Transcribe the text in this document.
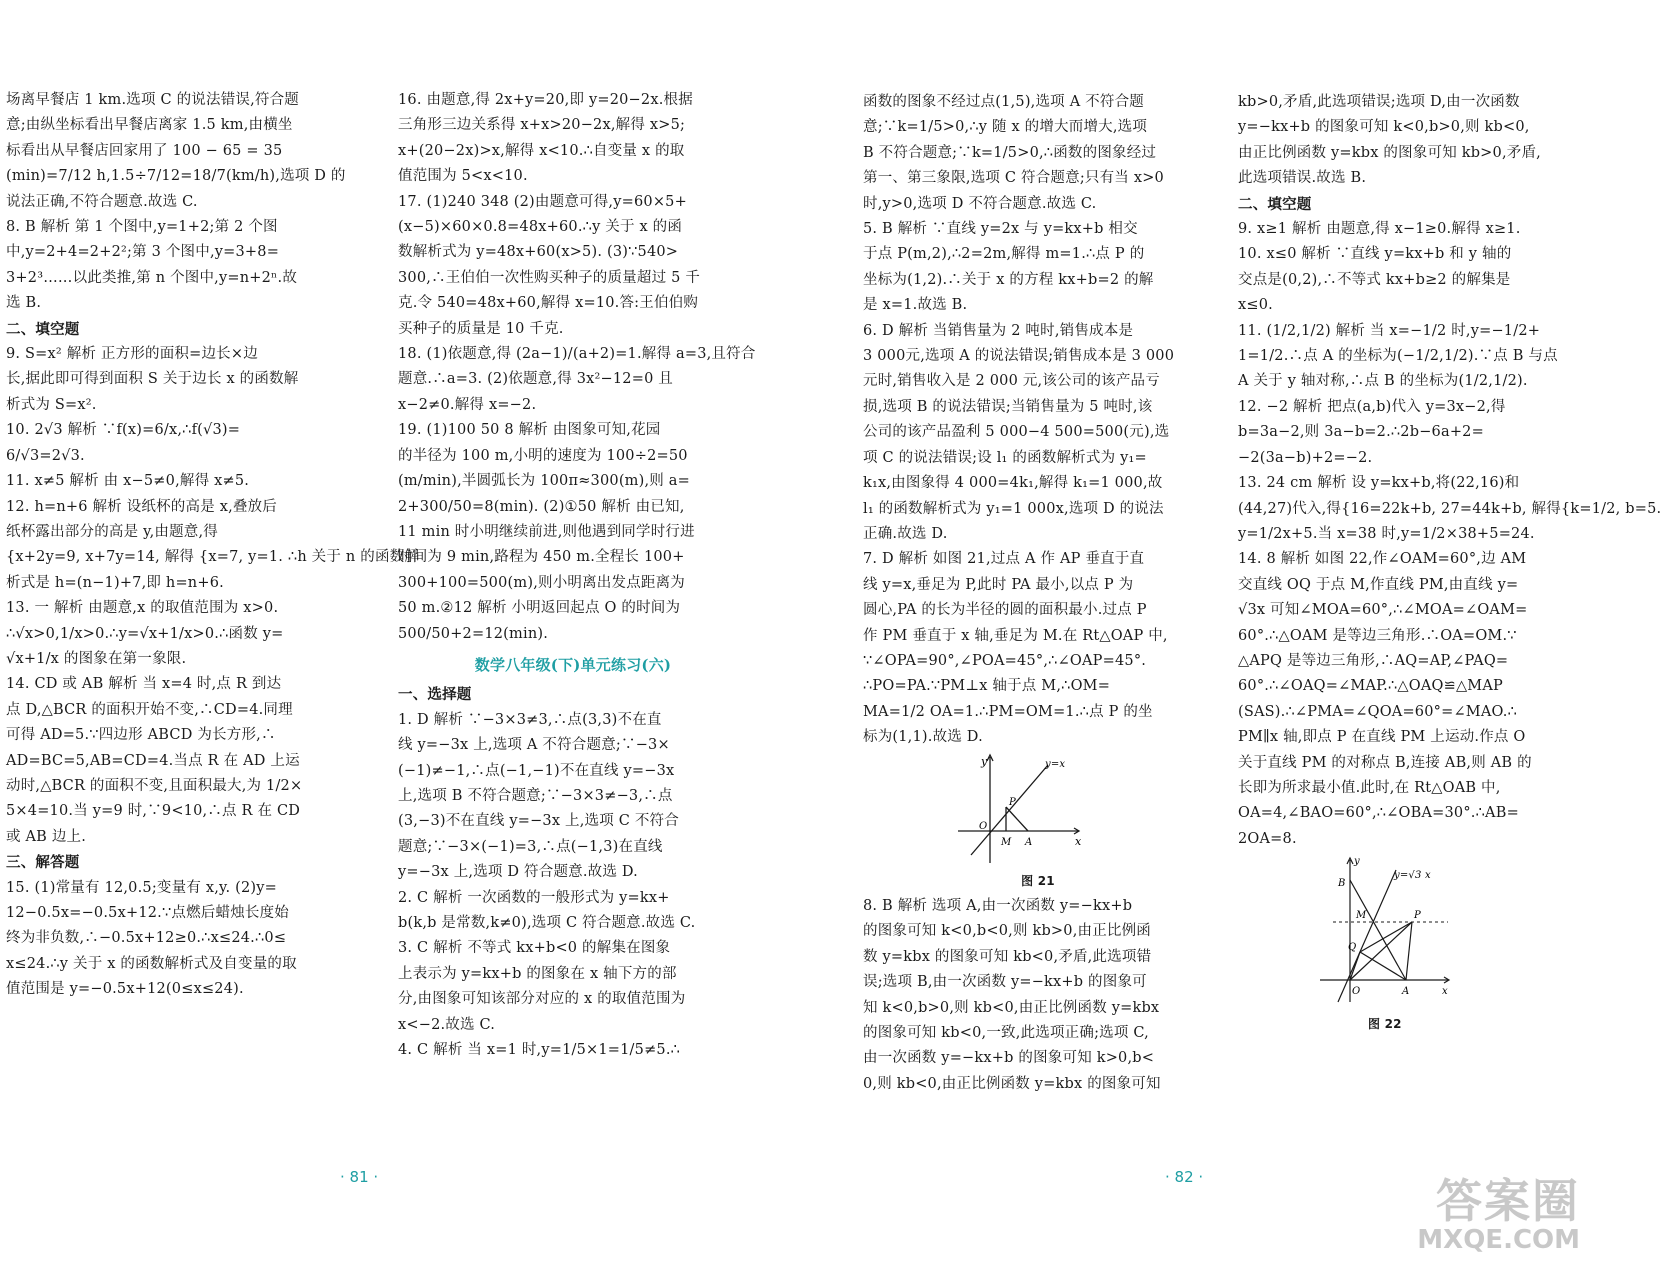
场离早餐店 1 km.选项 C 的说法错误,符合题

意;由纵坐标看出早餐店离家 1.5 km,由横坐

标看出从早餐店回家用了 100 − 65 = 35

(min)=7/12 h,1.5÷7/12=18/7(km/h),选项 D 的

说法正确,不符合题意.故选 C.

8. B 解析 第 1 个图中,y=1+2;第 2 个图

中,y=2+4=2+2²;第 3 个图中,y=3+8=

3+2³……以此类推,第 n 个图中,y=n+2ⁿ.故

选 B.

二、填空题

9. S=x² 解析 正方形的面积=边长×边

长,据此即可得到面积 S 关于边长 x 的函数解

析式为 S=x².

10. 2√3 解析 ∵f(x)=6/x,∴f(√3)=

6/√3=2√3.

11. x≠5 解析 由 x−5≠0,解得 x≠5.

12. h=n+6 解析 设纸杯的高是 x,叠放后

纸杯露出部分的高是 y,由题意,得

{x+2y=9, x+7y=14, 解得 {x=7, y=1. ∴h 关于 n 的函数解

析式是 h=(n−1)+7,即 h=n+6.

13. 一 解析 由题意,x 的取值范围为 x>0.

∴√x>0,1/x>0.∴y=√x+1/x>0.∴函数 y=

√x+1/x 的图象在第一象限.

14. CD 或 AB 解析 当 x=4 时,点 R 到达

点 D,△BCR 的面积开始不变,∴CD=4.同理

可得 AD=5.∵四边形 ABCD 为长方形,∴

AD=BC=5,AB=CD=4.当点 R 在 AD 上运

动时,△BCR 的面积不变,且面积最大,为 1/2×

5×4=10.当 y=9 时,∵9<10,∴点 R 在 CD

或 AB 边上.

三、解答题

15. (1)常量有 12,0.5;变量有 x,y. (2)y=

12−0.5x=−0.5x+12.∵点燃后蜡烛长度始

终为非负数,∴−0.5x+12≥0.∴x≤24.∴0≤

x≤24.∴y 关于 x 的函数解析式及自变量的取

值范围是 y=−0.5x+12(0≤x≤24).

16. 由题意,得 2x+y=20,即 y=20−2x.根据

三角形三边关系得 x+x>20−2x,解得 x>5;

x+(20−2x)>x,解得 x<10.∴自变量 x 的取

值范围为 5<x<10.

17. (1)240 348 (2)由题意可得,y=60×5+

(x−5)×60×0.8=48x+60.∴y 关于 x 的函

数解析式为 y=48x+60(x>5). (3)∵540>

300,∴王伯伯一次性购买种子的质量超过 5 千

克.令 540=48x+60,解得 x=10.答:王伯伯购

买种子的质量是 10 千克.

18. (1)依题意,得 (2a−1)/(a+2)=1.解得 a=3,且符合

题意.∴a=3. (2)依题意,得 3x²−12=0 且

x−2≠0.解得 x=−2.

19. (1)100 50 8 解析 由图象可知,花园

的半径为 100 m,小明的速度为 100÷2=50

(m/min),半圆弧长为 100π≈300(m),则 a=

2+300/50=8(min). (2)①50 解析 由已知,

11 min 时小明继续前进,则他遇到同学时行进

时间为 9 min,路程为 450 m.全程长 100+

300+100=500(m),则小明离出发点距离为

50 m.②12 解析 小明返回起点 O 的时间为

500/50+2=12(min).

数学八年级(下)单元练习(六)

一、选择题

1. D 解析 ∵−3×3≠3,∴点(3,3)不在直

线 y=−3x 上,选项 A 不符合题意;∵−3×

(−1)≠−1,∴点(−1,−1)不在直线 y=−3x

上,选项 B 不符合题意;∵−3×3≠−3,∴点

(3,−3)不在直线 y=−3x 上,选项 C 不符合

题意;∵−3×(−1)=3,∴点(−1,3)在直线

y=−3x 上,选项 D 符合题意.故选 D.

2. C 解析 一次函数的一般形式为 y=kx+

b(k,b 是常数,k≠0),选项 C 符合题意.故选 C.

3. C 解析 不等式 kx+b<0 的解集在图象

上表示为 y=kx+b 的图象在 x 轴下方的部

分,由图象可知该部分对应的 x 的取值范围为

x<−2.故选 C.

4. C 解析 当 x=1 时,y=1/5×1=1/5≠5.∴

· 81 ·

函数的图象不经过点(1,5),选项 A 不符合题

意;∵k=1/5>0,∴y 随 x 的增大而增大,选项

B 不符合题意;∵k=1/5>0,∴函数的图象经过

第一、第三象限,选项 C 符合题意;只有当 x>0

时,y>0,选项 D 不符合题意.故选 C.

5. B 解析 ∵直线 y=2x 与 y=kx+b 相交

于点 P(m,2),∴2=2m,解得 m=1.∴点 P 的

坐标为(1,2).∴关于 x 的方程 kx+b=2 的解

是 x=1.故选 B.

6. D 解析 当销售量为 2 吨时,销售成本是

3 000元,选项 A 的说法错误;销售成本是 3 000

元时,销售收入是 2 000 元,该公司的该产品亏

损,选项 B 的说法错误;当销售量为 5 吨时,该

公司的该产品盈利 5 000−4 500=500(元),选

项 C 的说法错误;设 l₁ 的函数解析式为 y₁=

k₁x,由图象得 4 000=4k₁,解得 k₁=1 000,故

l₁ 的函数解析式为 y₁=1 000x,选项 D 的说法

正确.故选 D.

7. D 解析 如图 21,过点 A 作 AP 垂直于直

线 y=x,垂足为 P,此时 PA 最小,以点 P 为

圆心,PA 的长为半径的圆的面积最小.过点 P

作 PM 垂直于 x 轴,垂足为 M.在 Rt△OAP 中,

∵∠OPA=90°,∠POA=45°,∴∠OAP=45°.

∴PO=PA.∵PM⊥x 轴于点 M,∴OM=

MA=1/2 OA=1.∴PM=OM=1.∴点 P 的坐

标为(1,1).故选 D.

y	y=x
P
O
M A	x

图 21

8. B 解析 选项 A,由一次函数 y=−kx+b

的图象可知 k<0,b<0,则 kb>0,由正比例函

数 y=kbx 的图象可知 kb<0,矛盾,此选项错

误;选项 B,由一次函数 y=−kx+b 的图象可

知 k<0,b>0,则 kb<0,由正比例函数 y=kbx

的图象可知 kb<0,一致,此选项正确;选项 C,

由一次函数 y=−kx+b 的图象可知 k>0,b<

0,则 kb<0,由正比例函数 y=kbx 的图象可知

kb>0,矛盾,此选项错误;选项 D,由一次函数

y=−kx+b 的图象可知 k<0,b>0,则 kb<0,

由正比例函数 y=kbx 的图象可知 kb>0,矛盾,

此选项错误.故选 B.

二、填空题

9. x≥1 解析 由题意,得 x−1≥0.解得 x≥1.

10. x≤0 解析 ∵直线 y=kx+b 和 y 轴的

交点是(0,2),∴不等式 kx+b≥2 的解集是

x≤0.

11. (1/2,1/2) 解析 当 x=−1/2 时,y=−1/2+

1=1/2.∴点 A 的坐标为(−1/2,1/2).∵点 B 与点

A 关于 y 轴对称,∴点 B 的坐标为(1/2,1/2).

12. −2 解析 把点(a,b)代入 y=3x−2,得

b=3a−2,则 3a−b=2.∴2b−6a+2=

−2(3a−b)+2=−2.

13. 24 cm 解析 设 y=kx+b,将(22,16)和

(44,27)代入,得{16=22k+b, 27=44k+b, 解得{k=1/2, b=5.

y=1/2x+5.当 x=38 时,y=1/2×38+5=24.

14. 8 解析 如图 22,作∠OAM=60°,边 AM

交直线 OQ 于点 M,作直线 PM,由直线 y=

√3x 可知∠MOA=60°,∴∠MOA=∠OAM=

60°.∴△OAM 是等边三角形.∴OA=OM.∵

△APQ 是等边三角形,∴AQ=AP,∠PAQ=

60°.∴∠OAQ=∠MAP.∴△OAQ≌△MAP

(SAS).∴∠PMA=∠QOA=60°=∠MAO.∴

PM∥x 轴,即点 P 在直线 PM 上运动.作点 O

关于直线 PM 的对称点 B,连接 AB,则 AB 的

长即为所求最小值.此时,在 Rt△OAB 中,

OA=4,∠BAO=60°,∴∠OBA=30°.∴AB=

2OA=8.

y
y=√3 x
B
M	P
Q
O	A	x

图 22

· 82 ·	答案圈
MXQE.COM
